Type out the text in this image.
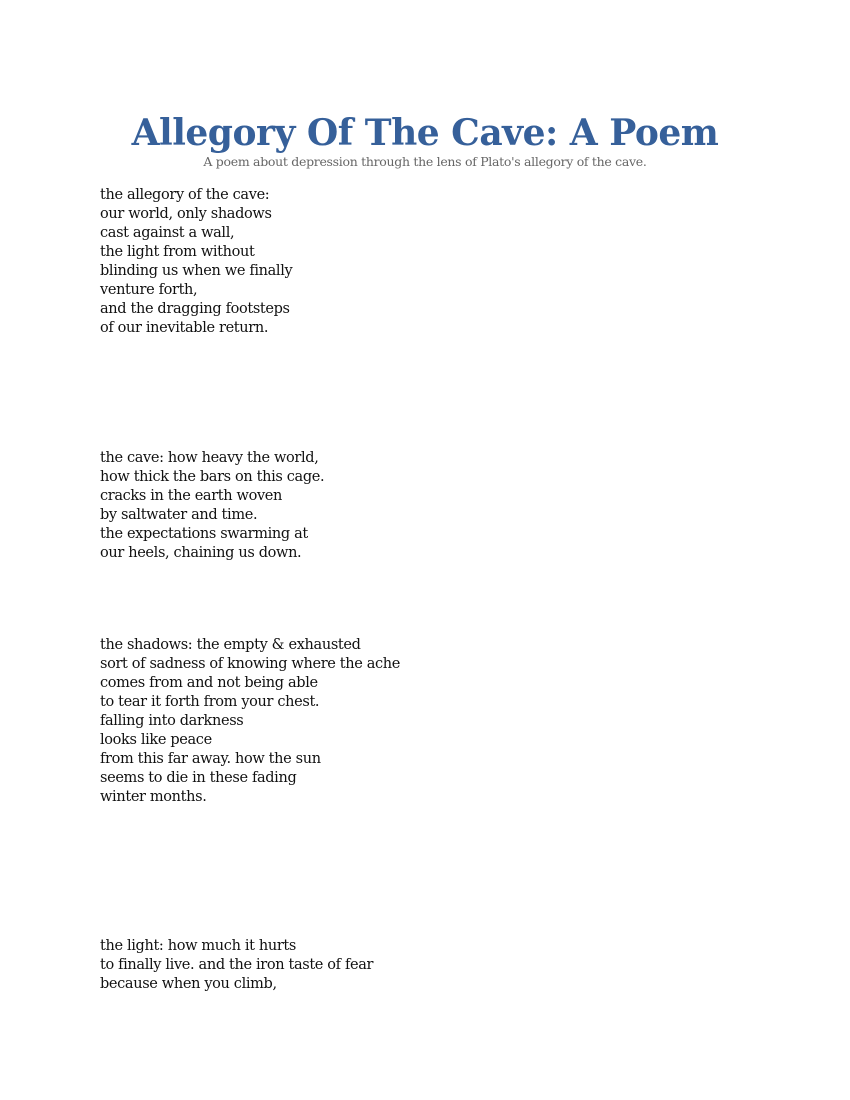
Allegory Of The Cave: A Poem

A poem about depression through the lens of Plato's allegory of the cave.

the allegory of the cave:
our world, only shadows
cast against a wall,
the light from without
blinding us when we finally
venture forth,
and the dragging footsteps
of our inevitable return.
the cave: how heavy the world,
how thick the bars on this cage.
cracks in the earth woven
by saltwater and time.
the expectations swarming at
our heels, chaining us down.
the shadows: the empty & exhausted
sort of sadness of knowing where the ache
comes from and not being able
to tear it forth from your chest.
falling into darkness
looks like peace
from this far away. how the sun
seems to die in these fading
winter months.
the light: how much it hurts
to finally live. and the iron taste of fear
because when you climb,
